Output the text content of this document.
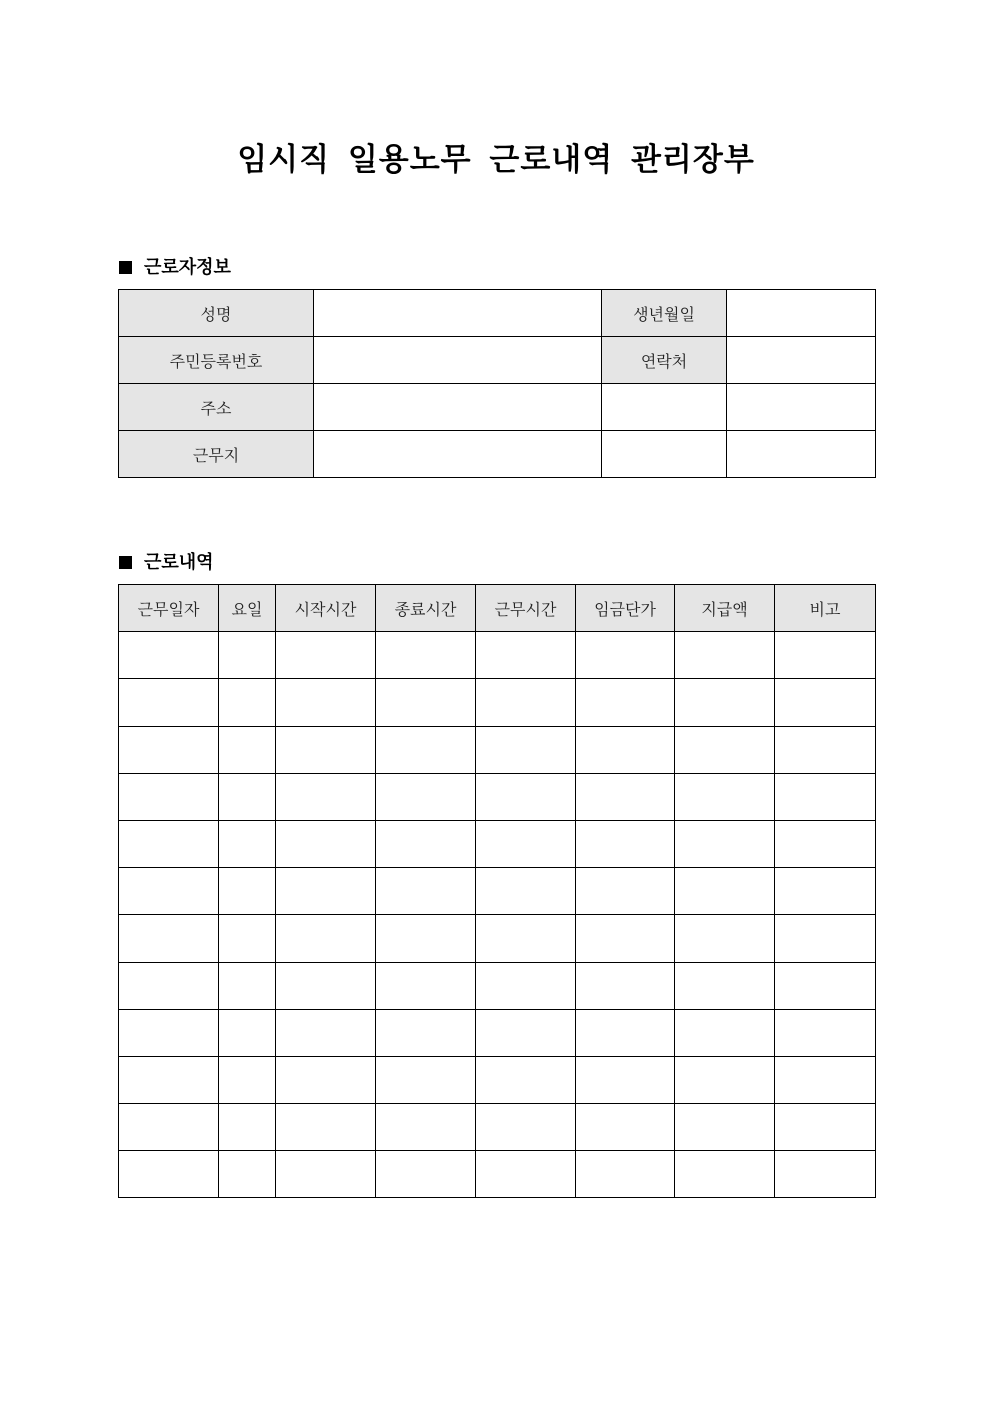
임시직 일용노무 근로내역 관리장부
근로자정보
성명		생년월일	
주민등록번호		연락처	
주소			
근무지			
근로내역
근무일자	요일	시작시간	종료시간	근무시간	임금단가	지급액	비고
